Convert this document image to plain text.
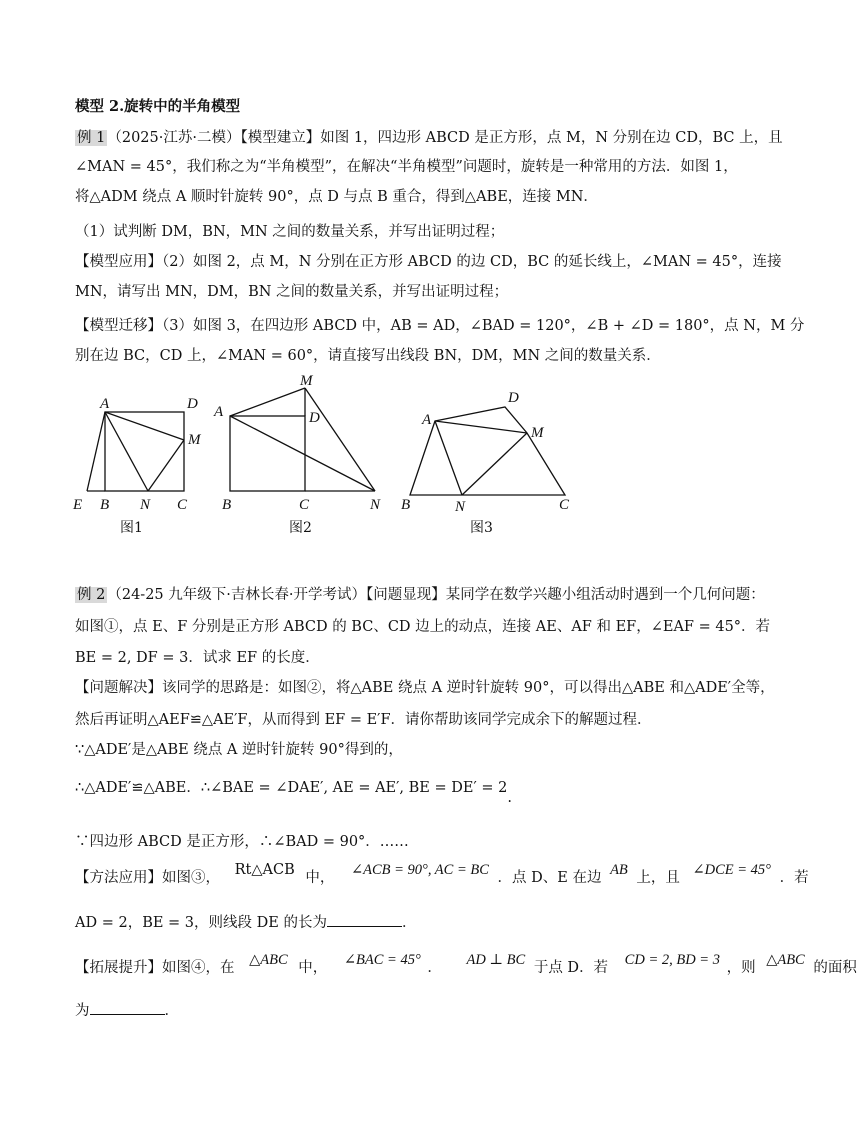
模型 2.旋转中的半角模型
例 1 （2025·江苏·二模）【模型建立】如图 1，四边形 ABCD 是正方形，点 M，N 分别在边 CD，BC 上，且
∠MAN = 45°，我们称之为“半角模型”，在解决“半角模型”问题时，旋转是一种常用的方法．如图 1，
将△ADM 绕点 A 顺时针旋转 90°，点 D 与点 B 重合，得到△ABE，连接 MN．
（1）试判断 DM，BN，MN 之间的数量关系，并写出证明过程；
【模型应用】（2）如图 2，点 M，N 分别在正方形 ABCD 的边 CD，BC 的延长线上，∠MAN = 45°，连接
MN，请写出 MN，DM，BN 之间的数量关系，并写出证明过程；
【模型迁移】（3）如图 3，在四边形 ABCD 中，AB = AD，∠BAD = 120°，∠B + ∠D = 180°，点 N，M 分
别在边 BC，CD 上，∠MAN = 60°，请直接写出线段 BN，DM，MN 之间的数量关系．
A	D
M
E B N C
图1
M
A	D
B	C	N
图2
D
A
M
B	N	C
图3
例 2 （24-25 九年级下·吉林长春·开学考试）【问题显现】某同学在数学兴趣小组活动时遇到一个几何问题：
如图①，点 E、F 分别是正方形 ABCD 的 BC、CD 边上的动点，连接 AE、AF 和 EF，∠EAF = 45°．若
BE = 2, DF = 3．试求 EF 的长度．
【问题解决】该同学的思路是：如图②，将△ABE 绕点 A 逆时针旋转 90°，可以得出△ABE 和△ADE′全等，
然后再证明△AEF≌△AE′F，从而得到 EF = E′F．请你帮助该同学完成余下的解题过程．
∵△ADE′是△ABE 绕点 A 逆时针旋转 90°得到的，
∴△ADE′≌△ABE．∴∠BAE = ∠DAE′, AE = AE′, BE = DE′ = 2.
∵四边形 ABCD 是正方形，∴∠BAD = 90°．……
【方法应用】如图③， Rt△ACB 中， ∠ACB = 90°, AC = BC ．点 D、E 在边 AB 上，且 ∠DCE = 45° ．若
AD = 2，BE = 3，则线段 DE 的长为	．
【拓展提升】如图④，在 △ABC 中， ∠BAC = 45° ． AD ⊥ BC 于点 D．若 CD = 2, BD = 3 ，则 △ABC 的面积
为	．
